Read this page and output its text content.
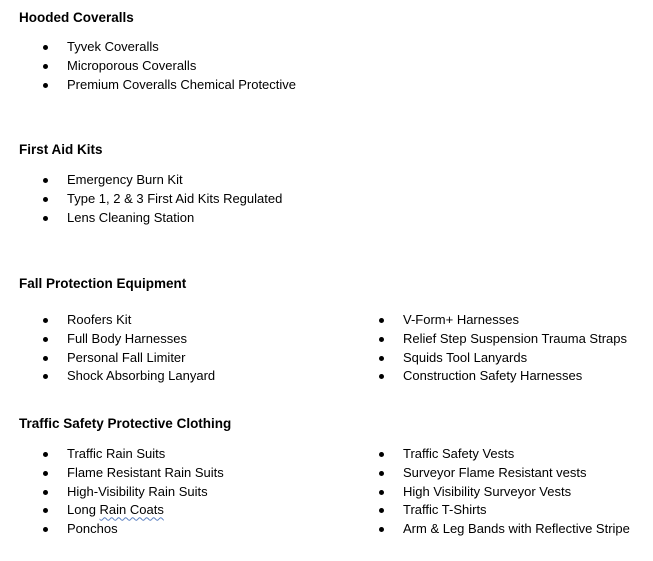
Hooded Coveralls
Tyvek Coveralls
Microporous Coveralls
Premium Coveralls Chemical Protective
First Aid Kits
Emergency Burn Kit
Type 1, 2 & 3 First Aid Kits Regulated
Lens Cleaning Station
Fall Protection Equipment
Roofers Kit
Full Body Harnesses
Personal Fall Limiter
Shock Absorbing Lanyard
V-Form+ Harnesses
Relief Step Suspension Trauma Straps
Squids Tool Lanyards
Construction Safety Harnesses
Traffic Safety Protective Clothing
Traffic Rain Suits
Flame Resistant Rain Suits
High-Visibility Rain Suits
Long Rain Coats
Ponchos
Traffic Safety Vests
Surveyor Flame Resistant vests
High Visibility Surveyor Vests
Traffic T-Shirts
Arm & Leg Bands with Reflective Stripe
